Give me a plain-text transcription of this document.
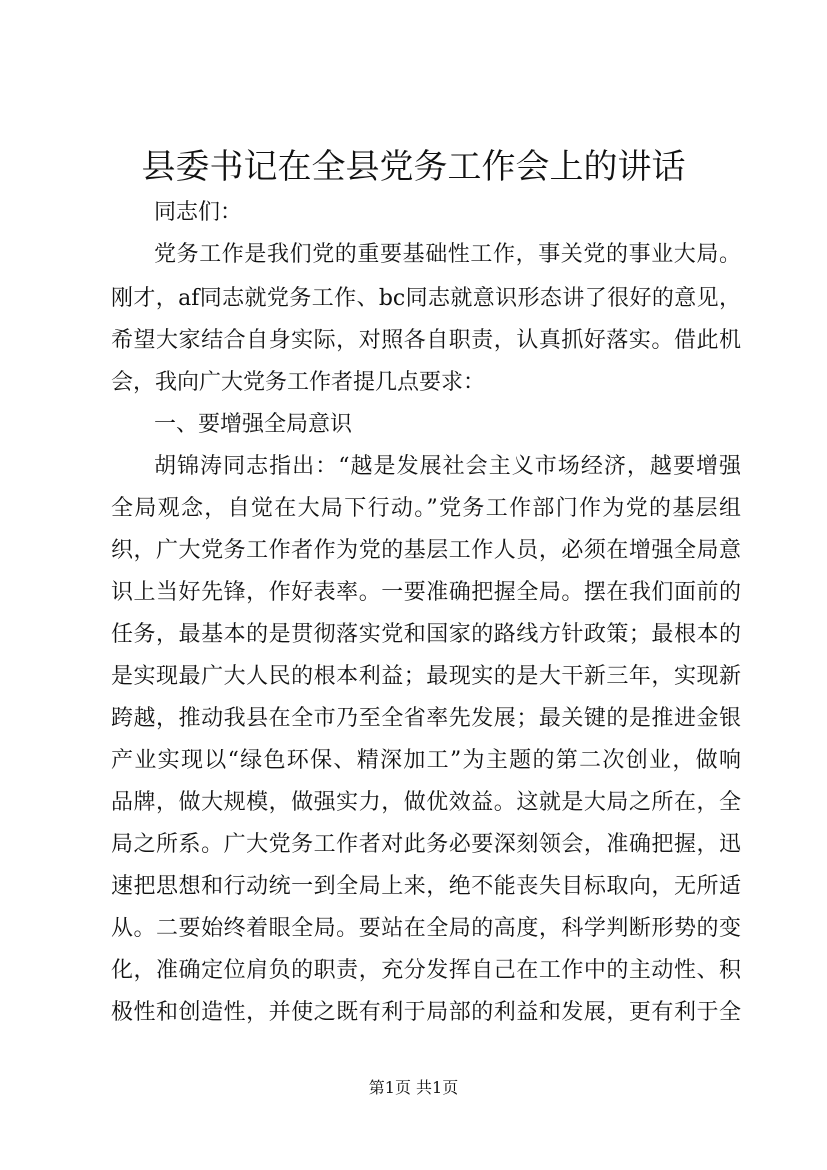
县委书记在全县党务工作会上的讲话

同志们：

党务工作是我们党的重要基础性工作，事关党的事业大局。

刚才，af同志就党务工作、bc同志就意识形态讲了很好的意见，

希望大家结合自身实际，对照各自职责，认真抓好落实。借此机

会，我向广大党务工作者提几点要求：

一、要增强全局意识

胡锦涛同志指出：“越是发展社会主义市场经济，越要增强

全局观念，自觉在大局下行动。”党务工作部门作为党的基层组

织，广大党务工作者作为党的基层工作人员，必须在增强全局意

识上当好先锋，作好表率。一要准确把握全局。摆在我们面前的

任务，最基本的是贯彻落实党和国家的路线方针政策；最根本的

是实现最广大人民的根本利益；最现实的是大干新三年，实现新

跨越，推动我县在全市乃至全省率先发展；最关键的是推进金银

产业实现以“绿色环保、精深加工”为主题的第二次创业，做响

品牌，做大规模，做强实力，做优效益。这就是大局之所在，全

局之所系。广大党务工作者对此务必要深刻领会，准确把握，迅

速把思想和行动统一到全局上来，绝不能丧失目标取向，无所适

从。二要始终着眼全局。要站在全局的高度，科学判断形势的变

化，准确定位肩负的职责，充分发挥自己在工作中的主动性、积

极性和创造性，并使之既有利于局部的利益和发展，更有利于全

第1页 共1页
